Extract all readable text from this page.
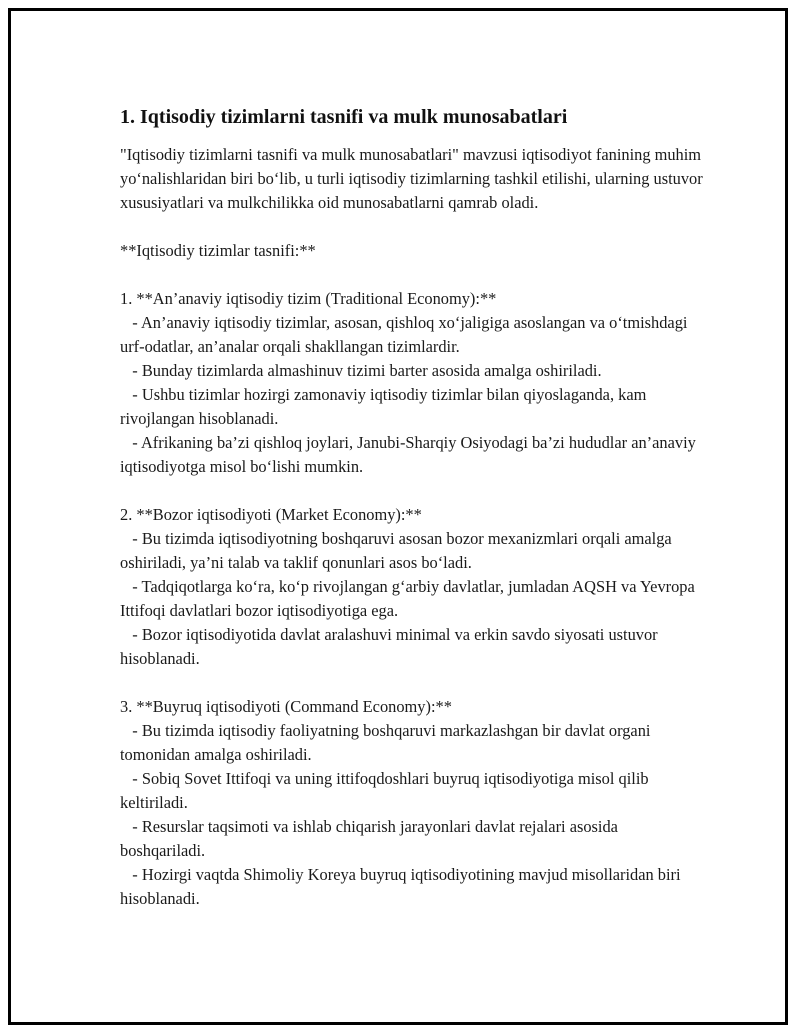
1. Iqtisodiy tizimlarni tasnifi va mulk munosabatlari

"Iqtisodiy tizimlarni tasnifi va mulk munosabatlari" mavzusi iqtisodiyot fanining muhim yo‘nalishlaridan biri bo‘lib, u turli iqtisodiy tizimlarning tashkil etilishi, ularning ustuvor xususiyatlari va mulkchilikka oid munosabatlarni qamrab oladi.

**Iqtisodiy tizimlar tasnifi:**

1. **An’anaviy iqtisodiy tizim (Traditional Economy):**

- An’anaviy iqtisodiy tizimlar, asosan, qishloq xo‘jaligiga asoslangan va o‘tmishdagi urf-odatlar, an’analar orqali shakllangan tizimlardir.

- Bunday tizimlarda almashinuv tizimi barter asosida amalga oshiriladi.

- Ushbu tizimlar hozirgi zamonaviy iqtisodiy tizimlar bilan qiyoslaganda, kam rivojlangan hisoblanadi.

- Afrikaning ba’zi qishloq joylari, Janubi-Sharqiy Osiyodagi ba’zi hududlar an’anaviy iqtisodiyotga misol bo‘lishi mumkin.

2. **Bozor iqtisodiyoti (Market Economy):**

- Bu tizimda iqtisodiyotning boshqaruvi asosan bozor mexanizmlari orqali amalga oshiriladi, ya’ni talab va taklif qonunlari asos bo‘ladi.

- Tadqiqotlarga ko‘ra, ko‘p rivojlangan g‘arbiy davlatlar, jumladan AQSH va Yevropa Ittifoqi davlatlari bozor iqtisodiyotiga ega.

- Bozor iqtisodiyotida davlat aralashuvi minimal va erkin savdo siyosati ustuvor hisoblanadi.

3. **Buyruq iqtisodiyoti (Command Economy):**

- Bu tizimda iqtisodiy faoliyatning boshqaruvi markazlashgan bir davlat organi tomonidan amalga oshiriladi.

- Sobiq Sovet Ittifoqi va uning ittifoqdoshlari buyruq iqtisodiyotiga misol qilib keltiriladi.

- Resurslar taqsimoti va ishlab chiqarish jarayonlari davlat rejalari asosida boshqariladi.

- Hozirgi vaqtda Shimoliy Koreya buyruq iqtisodiyotining mavjud misollaridan biri hisoblanadi.
